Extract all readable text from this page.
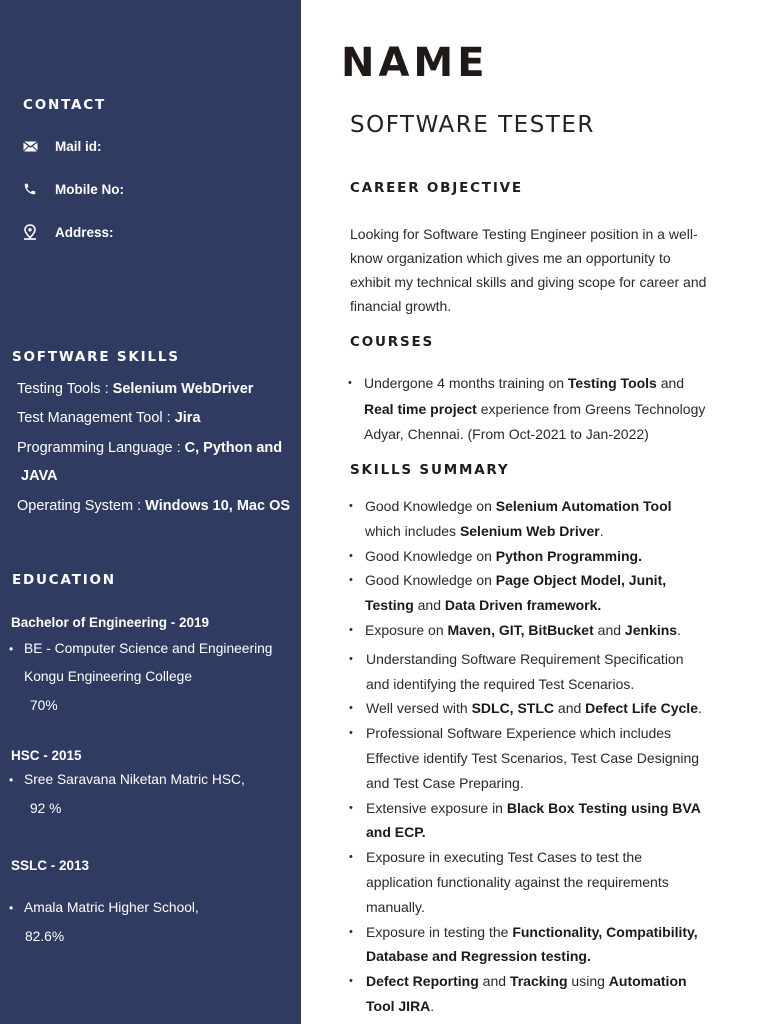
CONTACT
Mail id:
Mobile No:
Address:
SOFTWARE SKILLS
Testing Tools : Selenium WebDriver
Test Management Tool : Jira
Programming Language : C, Python and
JAVA
Operating System : Windows 10, Mac OS
EDUCATION
Bachelor of Engineering - 2019
• BE - Computer Science and Engineering
Kongu Engineering College
70%
HSC - 2015
• Sree Saravana Niketan Matric HSC,
92 %
SSLC - 2013
• Amala Matric Higher School,
82.6%
NAME
SOFTWARE TESTER
CAREER OBJECTIVE
Looking for Software Testing Engineer position in a well-
know organization which gives me an opportunity to
exhibit my technical skills and giving scope for career and
financial growth.
COURSES
• Undergone 4 months training on Testing Tools and
Real time project experience from Greens Technology
Adyar, Chennai. (From Oct-2021 to Jan-2022)
SKILLS SUMMARY
• Good Knowledge on Selenium Automation Tool
which includes Selenium Web Driver.
• Good Knowledge on Python Programming.
• Good Knowledge on Page Object Model, Junit,
Testing and Data Driven framework.
• Exposure on Maven, GIT, BitBucket and Jenkins.
• Understanding Software Requirement Specification
and identifying the required Test Scenarios.
• Well versed with SDLC, STLC and Defect Life Cycle.
• Professional Software Experience which includes
Effective identify Test Scenarios, Test Case Designing
and Test Case Preparing.
• Extensive exposure in Black Box Testing using BVA
and ECP.
• Exposure in executing Test Cases to test the
application functionality against the requirements
manually.
• Exposure in testing the Functionality, Compatibility,
Database and Regression testing.
• Defect Reporting and Tracking using Automation
Tool JIRA.
